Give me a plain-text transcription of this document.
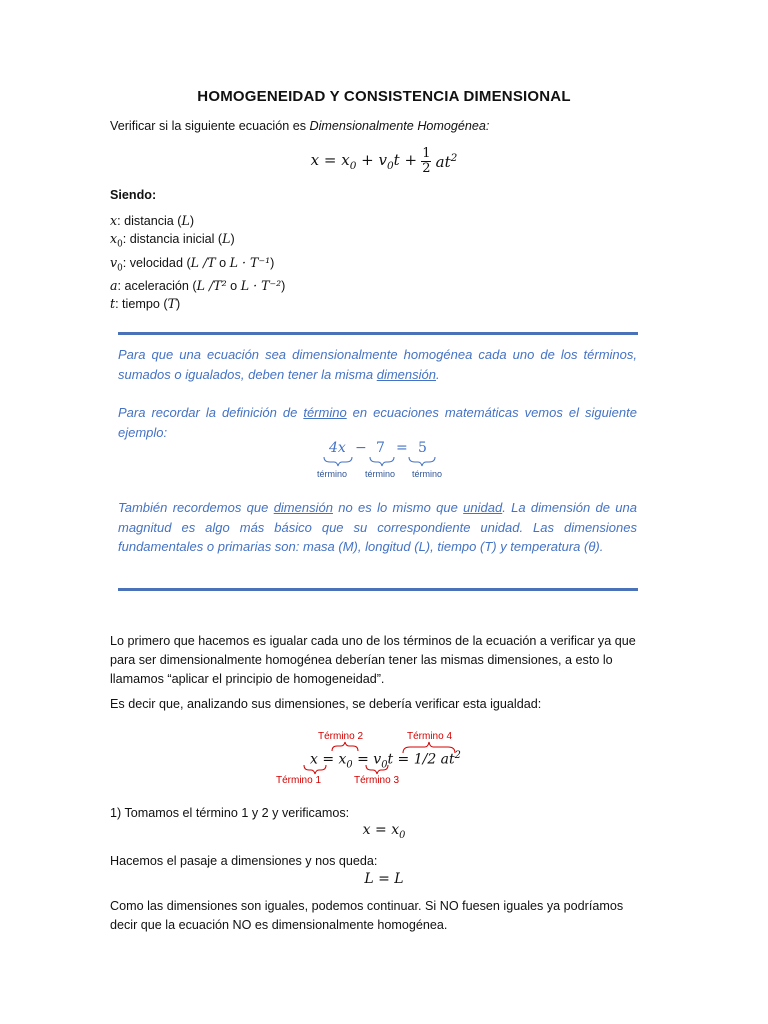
HOMOGENEIDAD Y CONSISTENCIA DIMENSIONAL
Verificar si la siguiente ecuación es Dimensionalmente Homogénea:
$x = x_0 + v_0t + \frac{1}{2} at^2$
Siendo:
x: distancia (L)
$x_0$: distancia inicial (L)
$v_0$: velocidad (L /T o L · T⁻¹)
a: aceleración (L /T² o L · T⁻²)
t: tiempo (T)
Para que una ecuación sea dimensionalmente homogénea cada uno de los términos, sumados o igualados, deben tener la misma dimensión.
Para recordar la definición de término en ecuaciones matemáticas vemos el siguiente ejemplo:
4x − 7 = 5
término término término
También recordemos que dimensión no es lo mismo que unidad. La dimensión de una magnitud es algo más básico que su correspondiente unidad. Las dimensiones fundamentales o primarias son: masa (M), longitud (L), tiempo (T) y temperatura (θ).
Lo primero que hacemos es igualar cada uno de los términos de la ecuación a verificar ya que para ser dimensionalmente homogénea deberían tener las mismas dimensiones, a esto lo llamamos “aplicar el principio de homogeneidad”.
Es decir que, analizando sus dimensiones, se debería verificar esta igualdad:
Término 2	Término 4
$x = x_0 = v_0t = 1/2$ $at^2$
Término 1	Término 3
1) Tomamos el término 1 y 2 y verificamos:
$x = x_0$
Hacemos el pasaje a dimensiones y nos queda:
L = L
Como las dimensiones son iguales, podemos continuar. Si NO fuesen iguales ya podríamos decir que la ecuación NO es dimensionalmente homogénea.
